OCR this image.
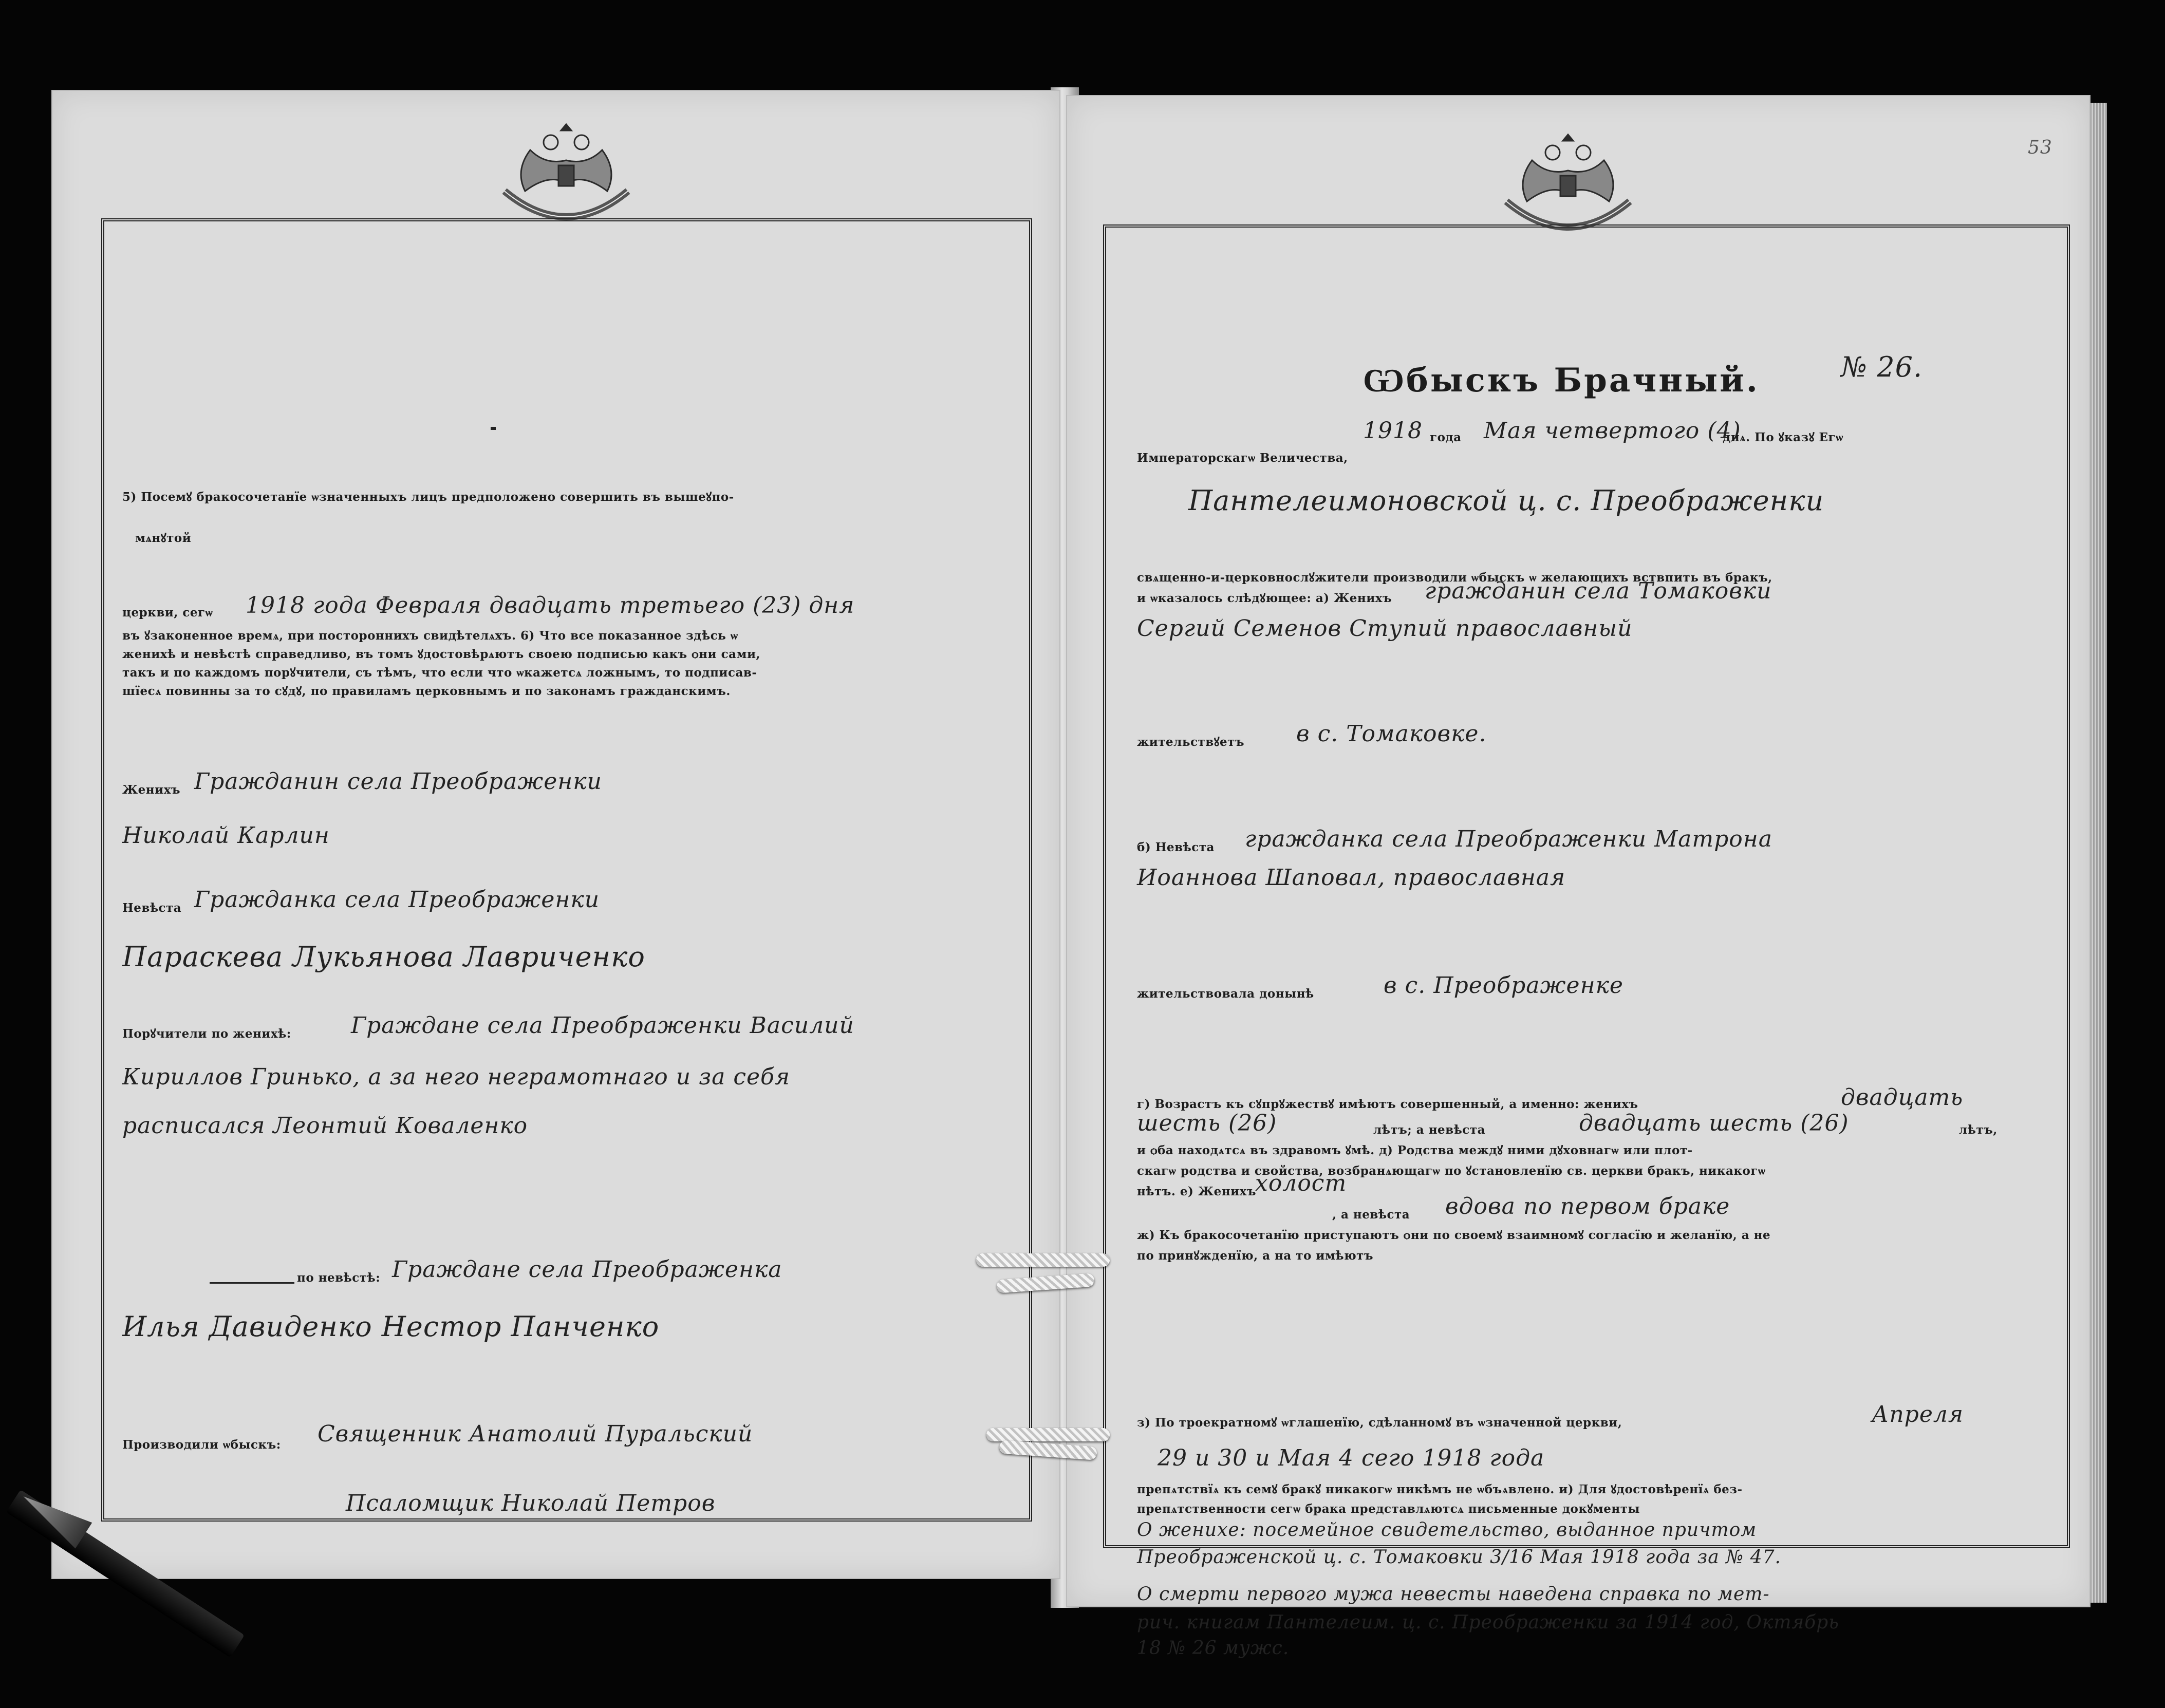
5) Посемꙋ бракосочетанїе ѡзначенныхъ лицъ предположено совершить въ вышеꙋпо-
мѧнꙋтой
церкви, сегѡ 1918 года Февраля двадцать третьего (23) дня
въ ꙋзаконенное времѧ, при постороннихъ свидѣтелѧхъ. 6) Что все показанное здѣсь ѡ
женихѣ и невѣстѣ справедливо, въ томъ ꙋдостовѣрѧютъ своею подписью какъ ѻни сами,
такъ и по каждомъ порꙋчители, съ тѣмъ, что если что ѡкажетсѧ ложнымъ, то подписав-
шїесѧ повинны за то сꙋдꙋ, по правиламъ церковнымъ и по законамъ гражданскимъ.
Женихъ Гражданин села Преображенки
Николай Карлин
Невѣста Гражданка села Преображенки
Параскева Лукьянова Лавриченко
Порꙋчители по женихѣ:	Граждане села Преображенки Василий
Кириллов Гринько, а за него неграмотнаго и за себя
расписался Леонтий Коваленко
по невѣстѣ: Граждане села Преображенка
Илья Давиденко Нестор Панченко
Производили ѡбыскъ: Священник Анатолий Пуральский
Псаломщик Николай Петров
53
Ѡбыскъ Брачный.	№ 26.
1918 года Мая четвертого (4)
днѧ. По ꙋказꙋ Егѡ
Императорскагѡ Величества,
Пантелеимоновской ц. с. Преображенки
свѧщенно-и-церковнослꙋжители производили ѡбыскъ ѡ желающихъ вствпить въ бракъ,
и ѡказалось слѣдꙋющее: а) Женихъ гражданин села Томаковки
Сергий Семенов Ступий православный
жительствꙋетъ в с. Томаковке.
б) Невѣста гражданка села Преображенки Матрона
Иоаннова Шаповал, православная
жительствовала донынѣ	в с. Преображенке
г) Возрастъ къ сꙋпрꙋжествꙋ имѣютъ совершенный, а именно: женихъ	двадцать
шесть (26)	лѣтъ; а невѣста	двадцать шесть (26)	лѣтъ,
и ѻба находѧтсѧ въ здравомъ ꙋмѣ. д) Родства междꙋ ними дꙋховнагѡ или плот-
скагѡ родства и свойства, возбранѧющагѡ по ꙋстановленїю св. церкви бракъ, никакогѡ
нѣтъ. е) Женихъ
холост
, а невѣста вдова по первом браке
ж) Къ бракосочетанїю приступаютъ ѻни по своемꙋ взаимномꙋ согласїю и желанїю, а не
по принꙋжденїю, а на то имѣютъ
з) По троекратномꙋ ѡглашенїю, сдѣланномꙋ въ ѡзначенной церкви,	Апреля
29 и 30 и Мая 4 сего 1918 года
препѧтствїѧ къ семꙋ бракꙋ никакогѡ никѣмъ не ѡбъѧвлено. и) Для ꙋдостовѣренїѧ без-
препѧтственности сегѡ брака представлѧютсѧ письменные докꙋменты
О женихе: посемейное свидетельство, выданное причтом
Преображенской ц. с. Томаковки 3/16 Мая 1918 года за № 47.
О смерти первого мужа невесты наведена справка по мет-
рич. книгам Пантелеим. ц. с. Преображенки за 1914 год, Октябрь
18 № 26 мужс.
